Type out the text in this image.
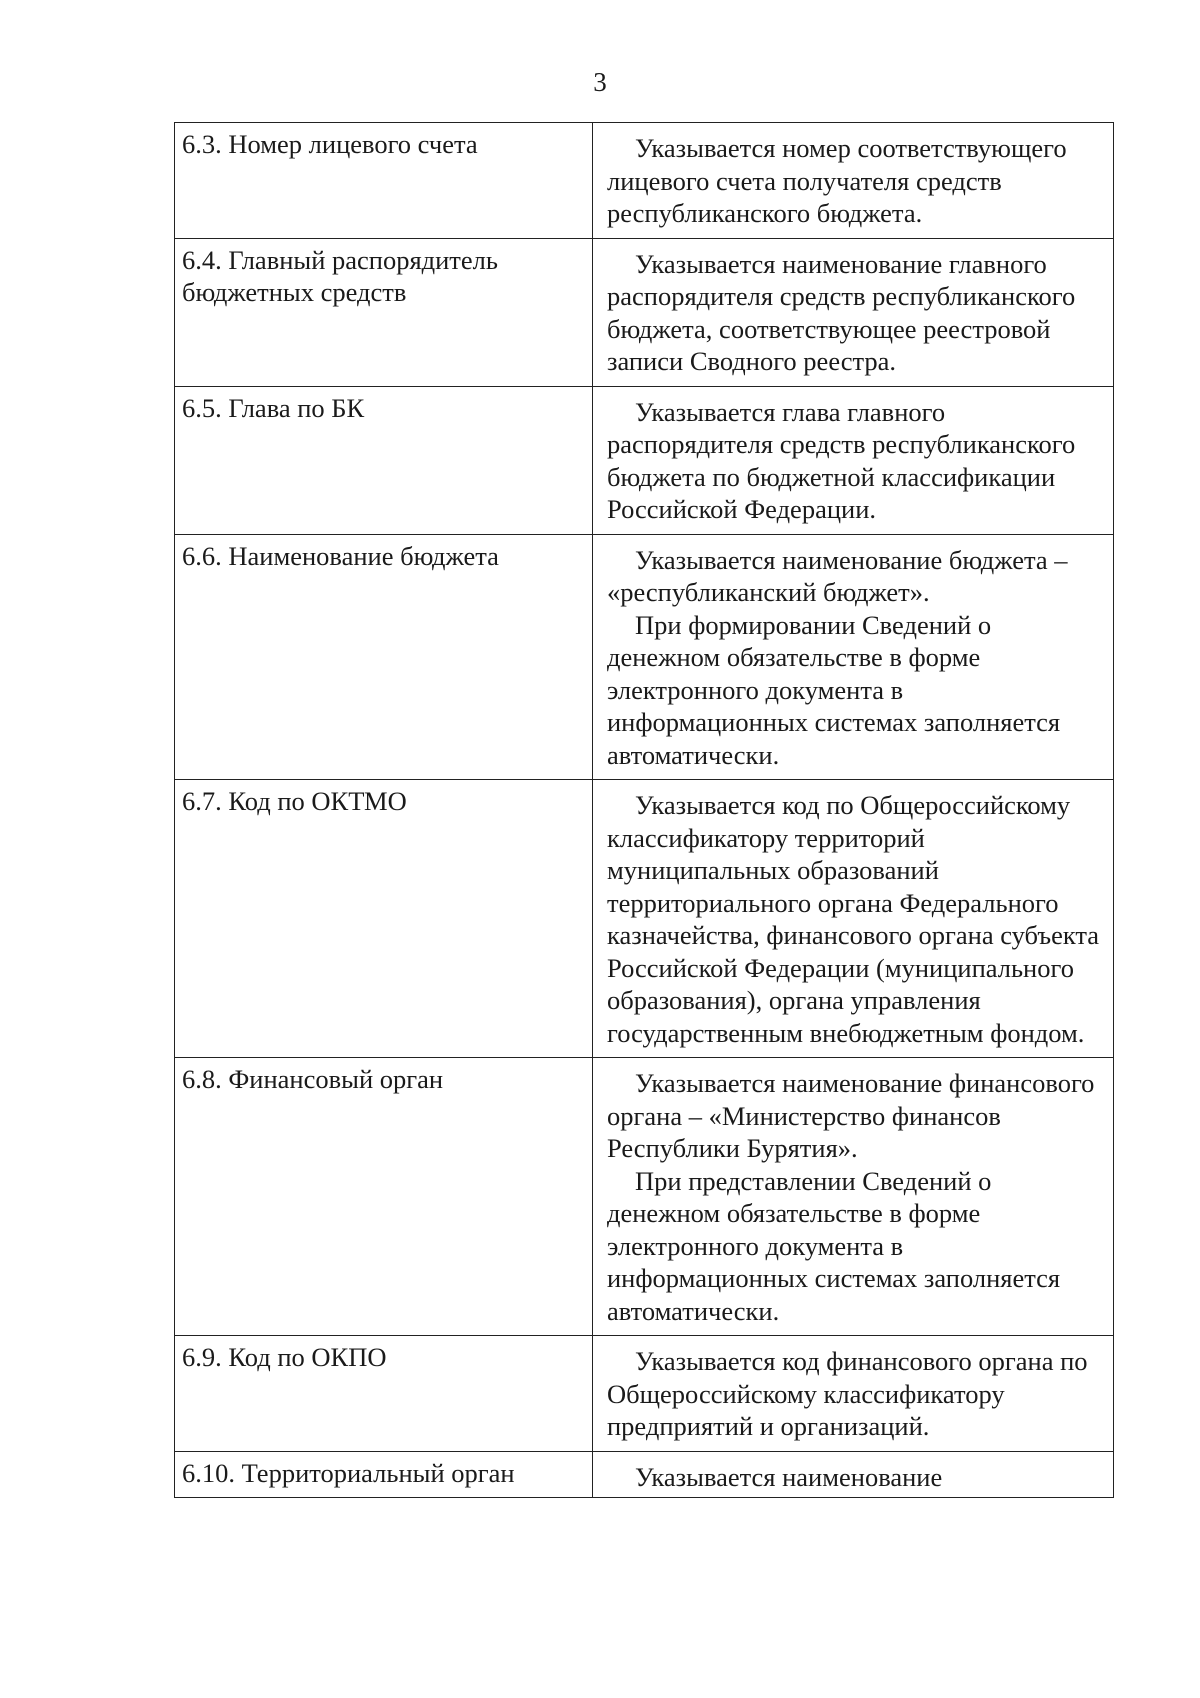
3
6.3. Номер лицевого счета	Указывается номер соответствующего лицевого счета получателя средств республиканского бюджета.

6.4. Главный распорядитель бюджетных средств	Указывается наименование главного распорядителя средств республиканского бюджета, соответствующее реестровой записи Сводного реестра.

6.5. Глава по БК	Указывается глава главного распорядителя средств республиканского бюджета по бюджетной классификации Российской Федерации.

6.6. Наименование бюджета	Указывается наименование бюджета – «республиканский бюджет».

При формировании Сведений о денежном обязательстве в форме электронного документа в информационных системах заполняется автоматически.

6.7. Код по ОКТМО	Указывается код по Общероссийскому классификатору территорий муниципальных образований территориального органа Федерального казначейства, финансового органа субъекта Российской Федерации (муниципального образования), органа управления государственным внебюджетным фондом.

6.8. Финансовый орган	Указывается наименование финансового органа – «Министерство финансов Республики Бурятия».

При представлении Сведений о денежном обязательстве в форме электронного документа в информационных системах заполняется автоматически.

6.9. Код по ОКПО	Указывается код финансового органа по Общероссийскому классификатору предприятий и организаций.

6.10. Территориальный орган	Указывается наименование
